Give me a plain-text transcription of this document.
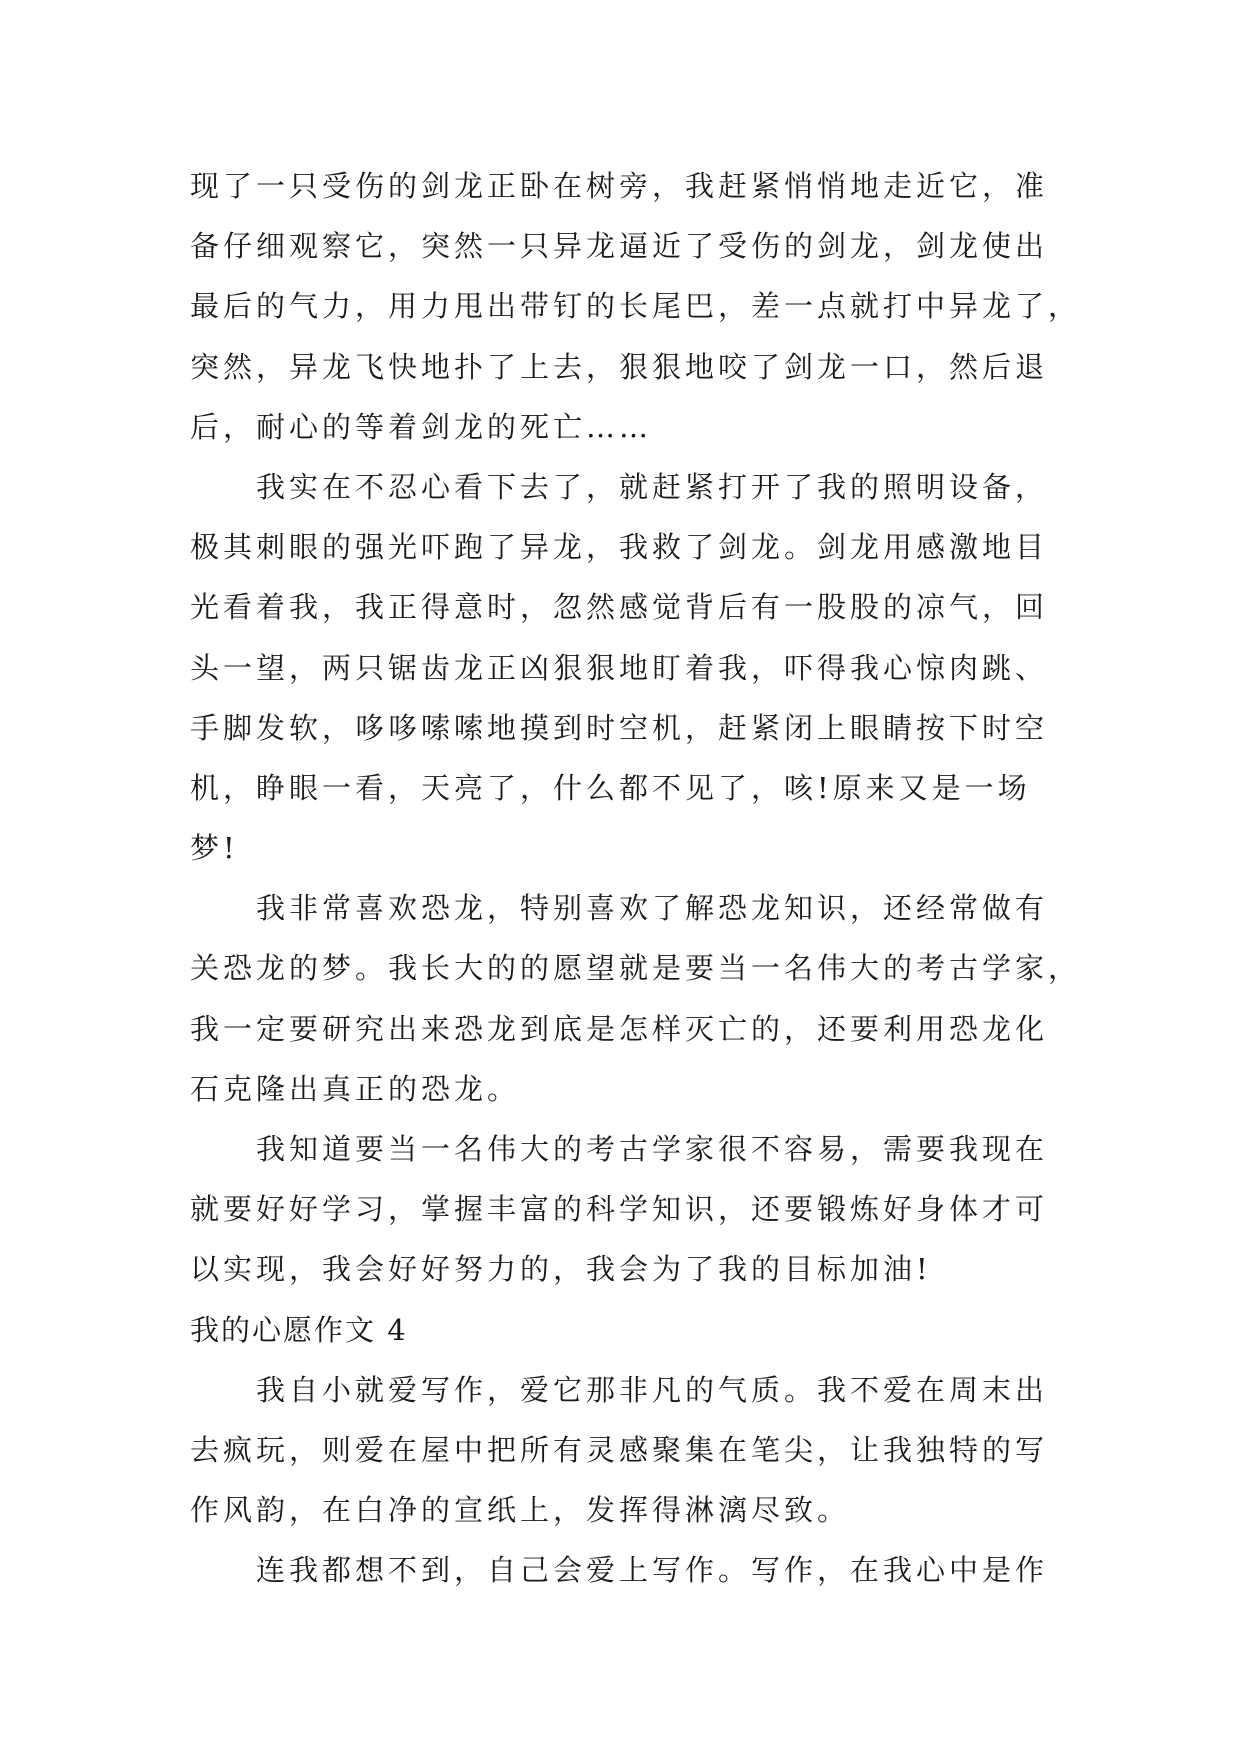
现了一只受伤的剑龙正卧在树旁，我赶紧悄悄地走近它，准
备仔细观察它，突然一只异龙逼近了受伤的剑龙，剑龙使出
最后的气力，用力甩出带钉的长尾巴，差一点就打中异龙了，
突然，异龙飞快地扑了上去，狠狠地咬了剑龙一口，然后退
后，耐心的等着剑龙的死亡……
我实在不忍心看下去了，就赶紧打开了我的照明设备，
极其刺眼的强光吓跑了异龙，我救了剑龙。剑龙用感激地目
光看着我，我正得意时，忽然感觉背后有一股股的凉气，回
头一望，两只锯齿龙正凶狠狠地盯着我，吓得我心惊肉跳、
手脚发软，哆哆嗦嗦地摸到时空机，赶紧闭上眼睛按下时空
机，睁眼一看，天亮了，什么都不见了，咳!原来又是一场
梦!
我非常喜欢恐龙，特别喜欢了解恐龙知识，还经常做有
关恐龙的梦。我长大的的愿望就是要当一名伟大的考古学家，
我一定要研究出来恐龙到底是怎样灭亡的，还要利用恐龙化
石克隆出真正的恐龙。
我知道要当一名伟大的考古学家很不容易，需要我现在
就要好好学习，掌握丰富的科学知识，还要锻炼好身体才可
以实现，我会好好努力的，我会为了我的目标加油!
我的心愿作文 4
我自小就爱写作，爱它那非凡的气质。我不爱在周末出
去疯玩，则爱在屋中把所有灵感聚集在笔尖，让我独特的写
作风韵，在白净的宣纸上，发挥得淋漓尽致。
连我都想不到，自己会爱上写作。写作，在我心中是作
